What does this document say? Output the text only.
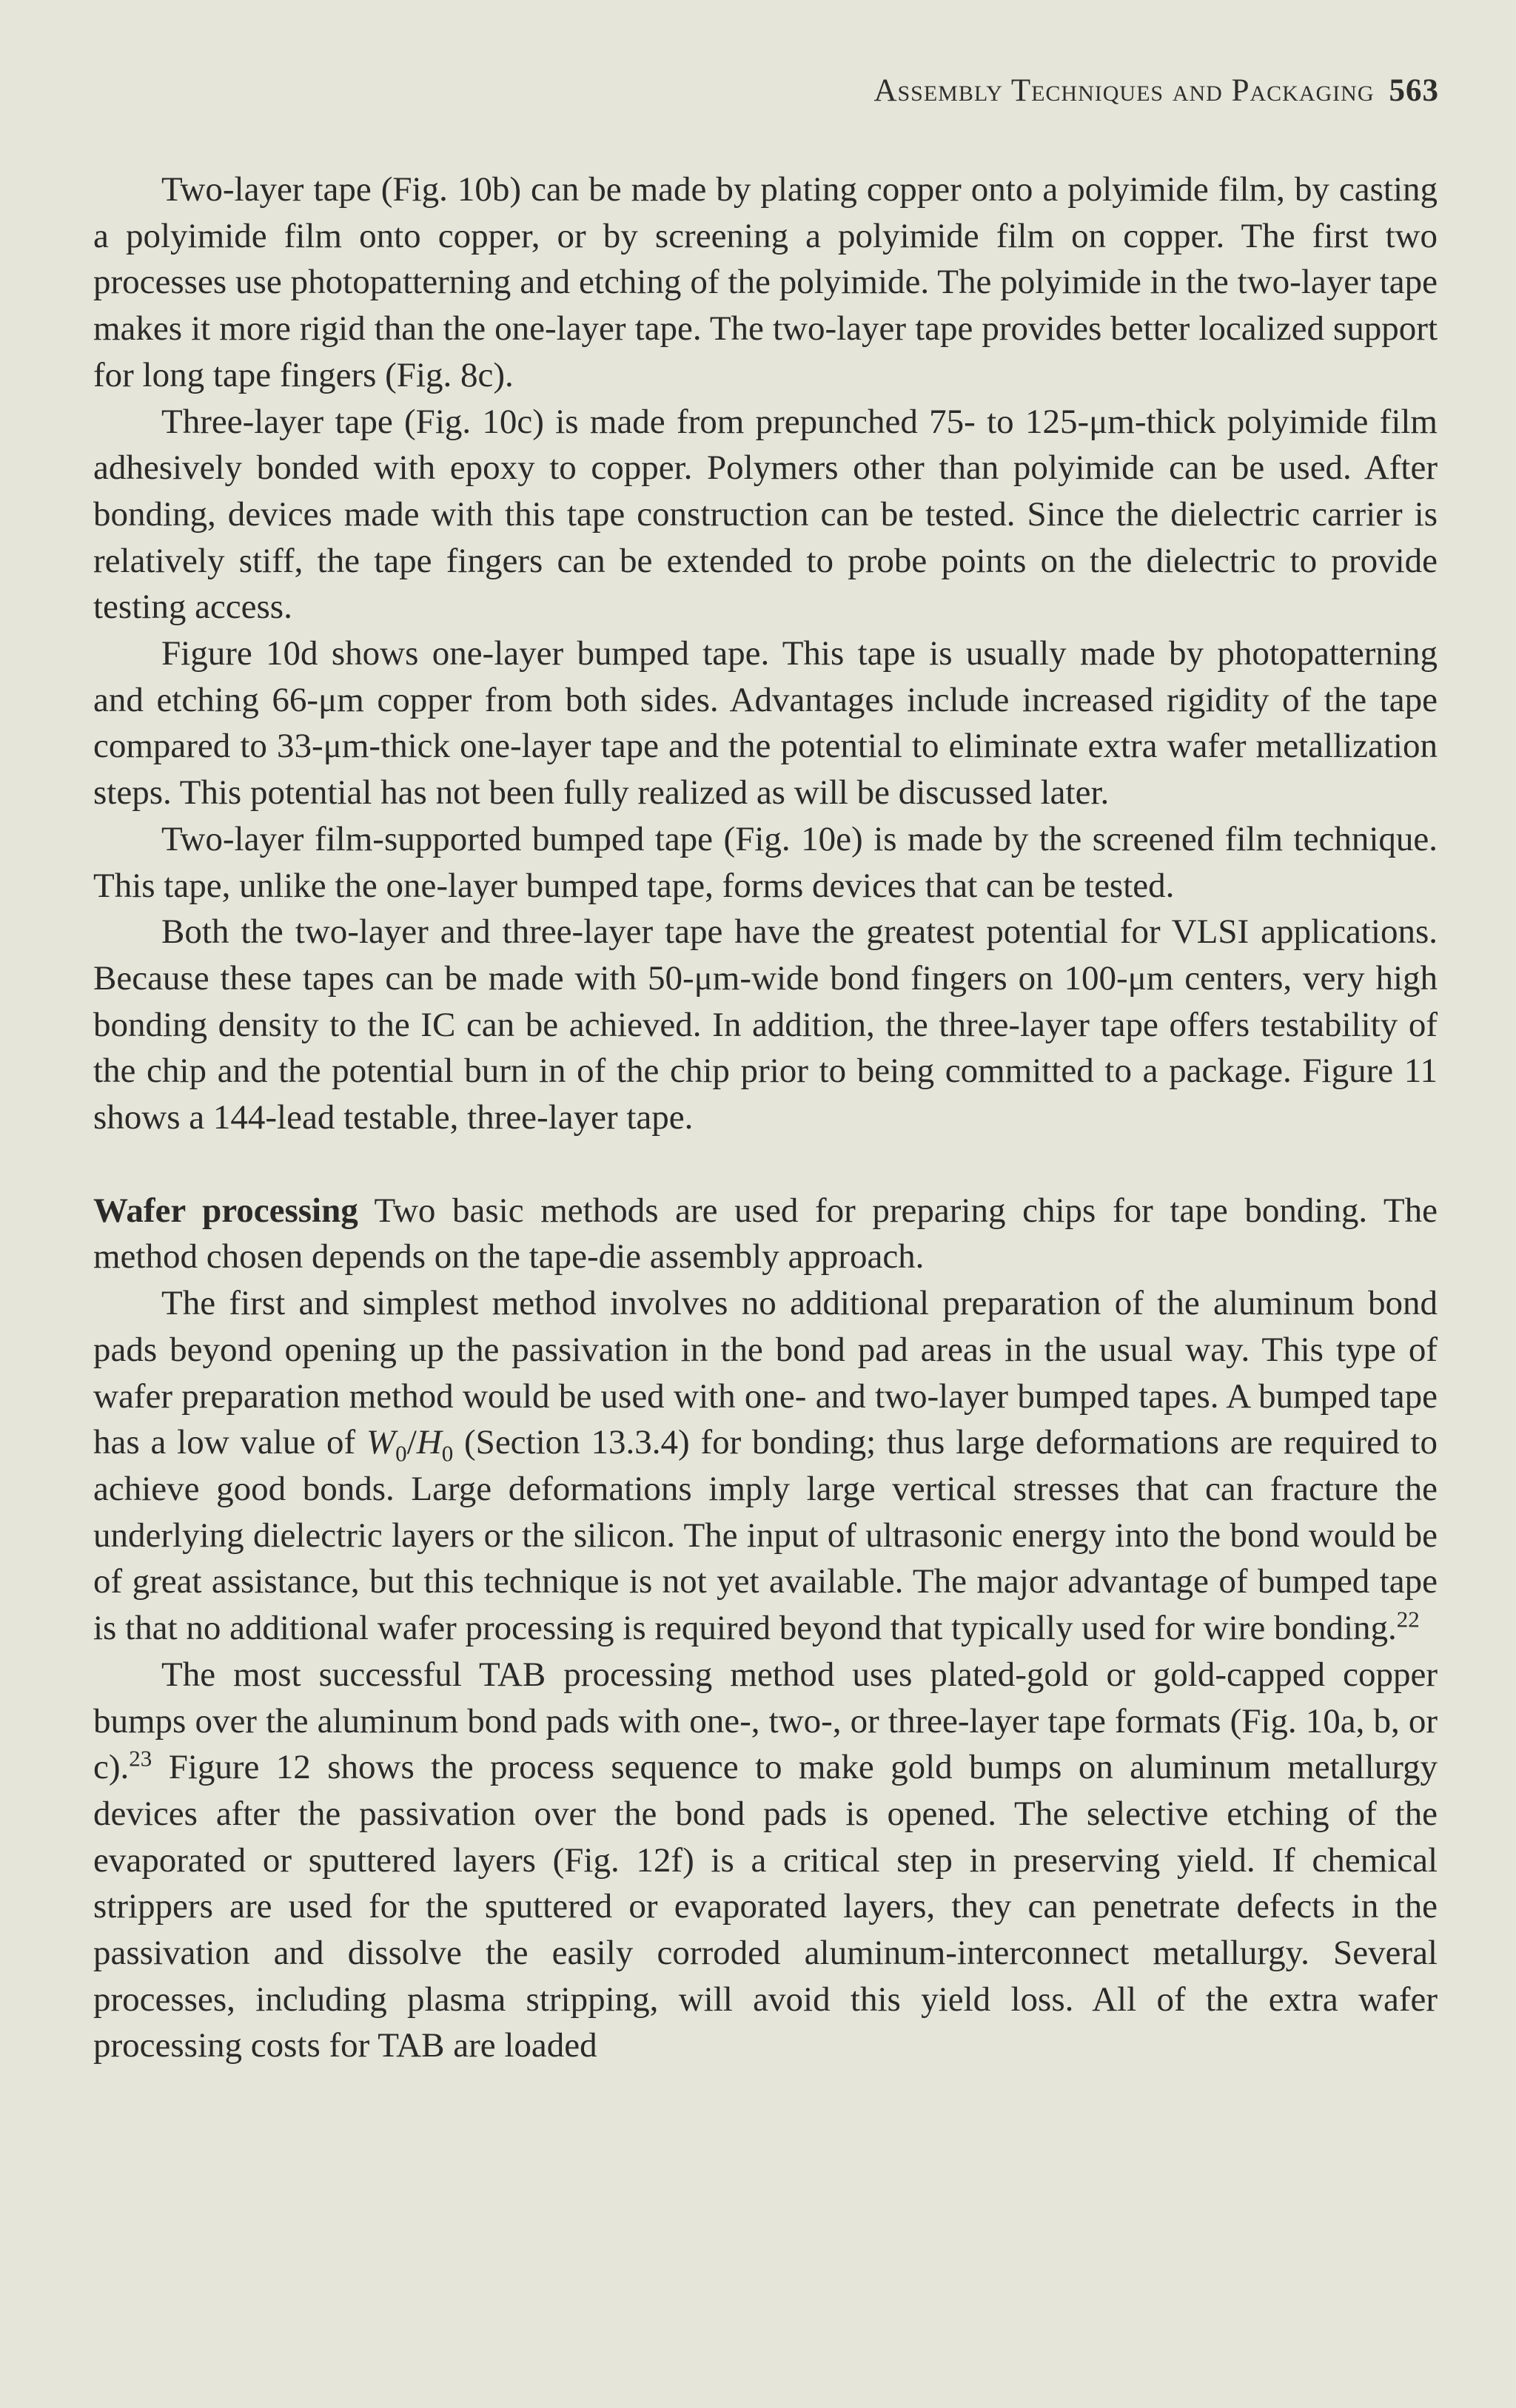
Assembly Techniques and Packaging 563

Two-layer tape (Fig. 10b) can be made by plating copper onto a polyimide film, by casting a polyimide film onto copper, or by screening a polyimide film on copper. The first two processes use photopatterning and etching of the polyimide. The polyimide in the two-layer tape makes it more rigid than the one-layer tape. The two-layer tape provides better localized support for long tape fingers (Fig. 8c).

Three-layer tape (Fig. 10c) is made from prepunched 75- to 125-μm-thick polyimide film adhesively bonded with epoxy to copper. Polymers other than polyimide can be used. After bonding, devices made with this tape construction can be tested. Since the dielectric carrier is relatively stiff, the tape fingers can be extended to probe points on the dielectric to provide testing access.

Figure 10d shows one-layer bumped tape. This tape is usually made by photopatterning and etching 66-μm copper from both sides. Advantages include increased rigidity of the tape compared to 33-μm-thick one-layer tape and the potential to eliminate extra wafer metallization steps. This potential has not been fully realized as will be discussed later.

Two-layer film-supported bumped tape (Fig. 10e) is made by the screened film technique. This tape, unlike the one-layer bumped tape, forms devices that can be tested.

Both the two-layer and three-layer tape have the greatest potential for VLSI applications. Because these tapes can be made with 50-μm-wide bond fingers on 100-μm centers, very high bonding density to the IC can be achieved. In addition, the three-layer tape offers testability of the chip and the potential burn in of the chip prior to being committed to a package. Figure 11 shows a 144-lead testable, three-layer tape.

Wafer processing Two basic methods are used for preparing chips for tape bonding. The method chosen depends on the tape-die assembly approach.

The first and simplest method involves no additional preparation of the aluminum bond pads beyond opening up the passivation in the bond pad areas in the usual way. This type of wafer preparation method would be used with one- and two-layer bumped tapes. A bumped tape has a low value of $W_0/H_0$ (Section 13.3.4) for bonding; thus large deformations are required to achieve good bonds. Large deformations imply large vertical stresses that can fracture the underlying dielectric layers or the silicon. The input of ultrasonic energy into the bond would be of great assistance, but this technique is not yet available. The major advantage of bumped tape is that no additional wafer processing is required beyond that typically used for wire bonding.$^{22}$

The most successful TAB processing method uses plated-gold or gold-capped copper bumps over the aluminum bond pads with one-, two-, or three-layer tape formats (Fig. 10a, b, or c).$^{23}$ Figure 12 shows the process sequence to make gold bumps on aluminum metallurgy devices after the passivation over the bond pads is opened. The selective etching of the evaporated or sputtered layers (Fig. 12f) is a critical step in preserving yield. If chemical strippers are used for the sputtered or evaporated layers, they can penetrate defects in the passivation and dissolve the easily corroded aluminum-interconnect metallurgy. Several processes, including plasma stripping, will avoid this yield loss. All of the extra wafer processing costs for TAB are loaded
